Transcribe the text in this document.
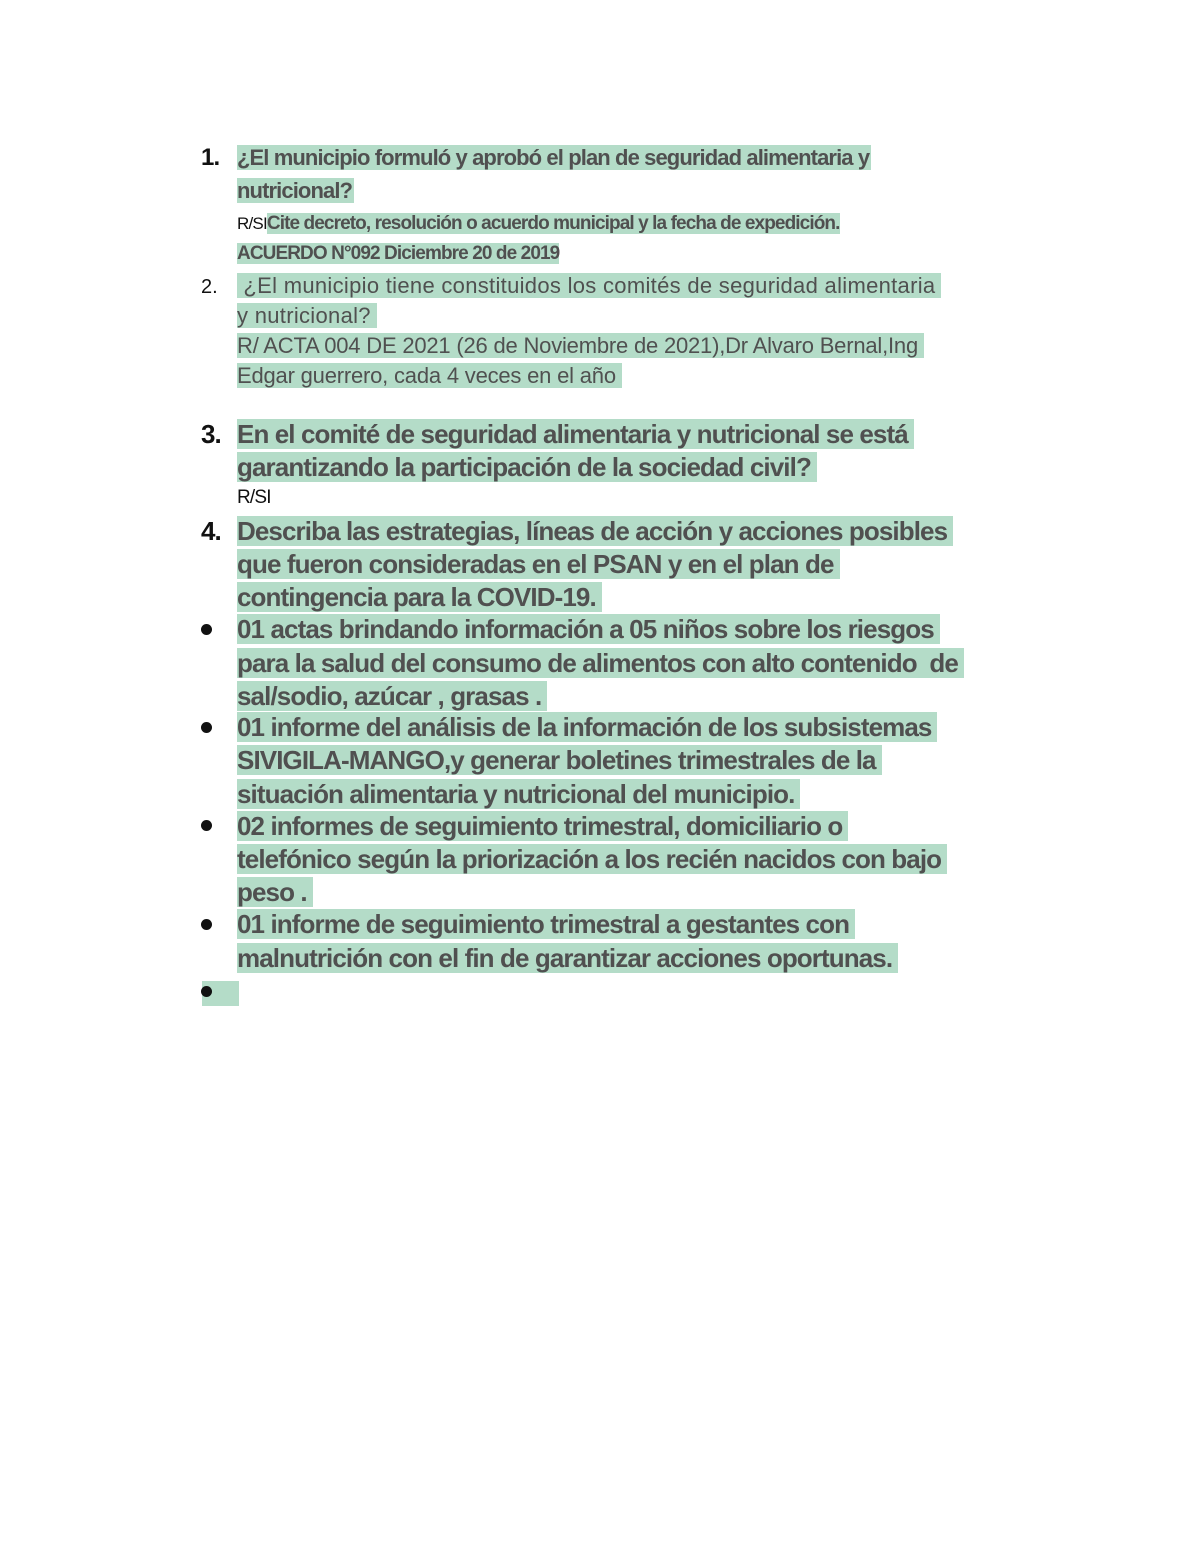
1. ¿El municipio formuló y aprobó el plan de seguridad alimentaria y
nutricional?
R/SICite decreto, resolución o acuerdo municipal y la fecha de expedición.
ACUERDO N°092 Diciembre 20 de 2019
2. ¿El municipio tiene constituidos los comités de seguridad alimentaria
y nutricional?
R/ ACTA 004 DE 2021 (26 de Noviembre de 2021),Dr Alvaro Bernal,Ing
Edgar guerrero, cada 4 veces en el año
3. En el comité de seguridad alimentaria y nutricional se está
garantizando la participación de la sociedad civil?
R/SI
4. Describa las estrategias, líneas de acción y acciones posibles
que fueron consideradas en el PSAN y en el plan de
contingencia para la COVID-19.
01 actas brindando información a 05 niños sobre los riesgos
para la salud del consumo de alimentos con alto contenido  de
sal/sodio, azúcar , grasas .
01 informe del análisis de la información de los subsistemas
SIVIGILA-MANGO,y generar boletines trimestrales de la
situación alimentaria y nutricional del municipio.
02 informes de seguimiento trimestral, domiciliario o
telefónico según la priorización a los recién nacidos con bajo
peso .
01 informe de seguimiento trimestral a gestantes con
malnutrición con el fin de garantizar acciones oportunas.
